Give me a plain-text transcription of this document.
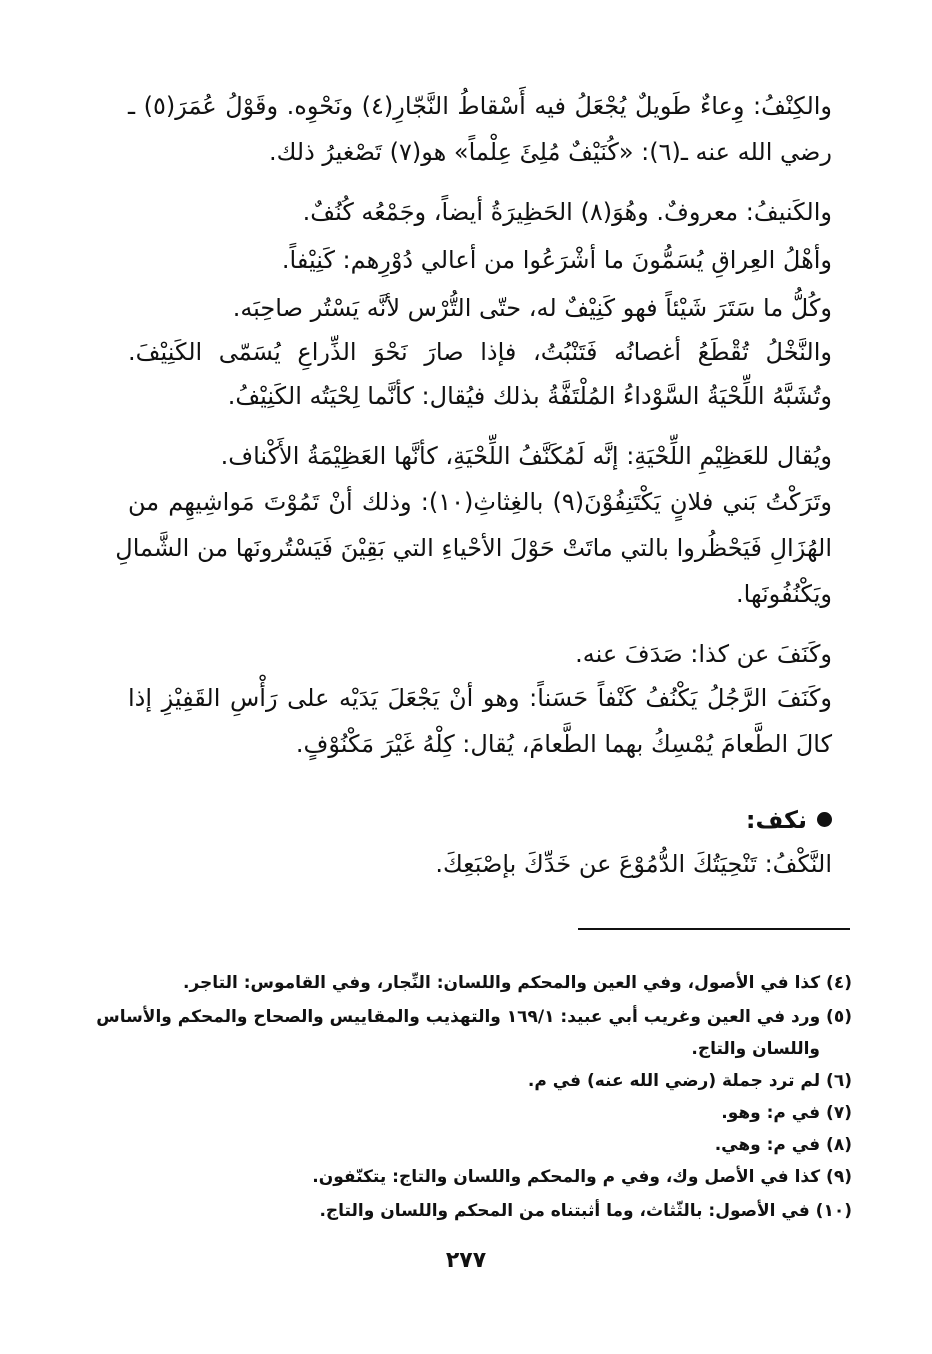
والكِنْفُ: وِعاءٌ طَويلٌ يُجْعَلُ فيه أَسْقاطُ النَّجّارِ(٤) ونَحْوِه. وقَوْلُ عُمَرَ(٥) ـ
رضي الله عنه ـ(٦): «كُنَيْفٌ مُلِئَ عِلْماً» هو(٧) تَصْغيرُ ذلك.
والكَنيفُ: معروفٌ. وهُوَ(٨) الحَظِيرَةُ أيضاً، وجَمْعُه كُنُفٌ.
وأهْلُ العِراقِ يُسَمُّونَ ما أشْرَعُوا من أعالي دُوْرِهم: كَنِيْفاً.
وكُلُّ ما سَتَرَ شَيْئاً فهو كَنِيْفٌ له، حتّى التُّرْس لأنَّه يَسْتُر صاحِبَه.
والنَّخْلُ تُقْطَعُ أغصانُه فَتَنْبُتُ، فإذا صارَ نَحْوَ الذِّراعِ يُسَمّى الكَنِيْفَ.
وتُشَبَّهُ اللِّحْيَةُ السَّوْداءُ المُلْتَفَّةُ بذلك فيُقال: كأنَّما لِحْيَتُه الكَنِيْفُ.
ويُقال للعَظِيْمِ اللِّحْيَةِ: إنَّه لَمُكَنَّفُ اللِّحْيَةِ، كأنَّها العَظِيْمَةُ الأَكْناف.
وتَرَكْتُ بَني فلانٍ يَكْتَنِفُوْنَ(٩) بالغِثاثِ(١٠): وذلك أنْ تَمُوْتَ مَواشِيهِم من
الهُزَالِ فَيَحْظُروا بالتي ماتَتْ حَوْلَ الأحْياءِ التي بَقِيْنَ فَيَسْتُرونَها من الشَّمالِ
ويَكْنُفُونَها.
وكَنَفَ عن كذا: صَدَفَ عنه.
وكَنَفَ الرَّجُلُ يَكْنُفُ كَنْفاً حَسَناً: وهو أنْ يَجْعَلَ يَدَيْه على رَأْسِ القَفِيْزِ إذا
كالَ الطَّعامَ يُمْسِكُ بهما الطَّعامَ، يُقال: كِلْهُ غَيْرَ مَكْنُوْفٍ.
نكف:
النَّكْفُ: تَنْحِيَتُكَ الدُّمُوْعَ عن خَدِّكَ بإصْبَعِكَ.
(٤) كذا في الأصول، وفي العين والمحكم واللسان: النِّجار، وفي القاموس: التاجر.
(٥) ورد في العين وغريب أبي عبيد: ١٦٩/١ والتهذيب والمقاييس والصحاح والمحكم والأساس
واللسان والتاج.
(٦) لم ترد جملة (رضي الله عنه) في م.
(٧) في م: وهو.
(٨) في م: وهي.
(٩) كذا في الأصل وك، وفي م والمحكم واللسان والتاج: يتكنّفون.
(١٠) في الأصول: بالثّثاث، وما أثبتناه من المحكم واللسان والتاج.
٢٧٧
